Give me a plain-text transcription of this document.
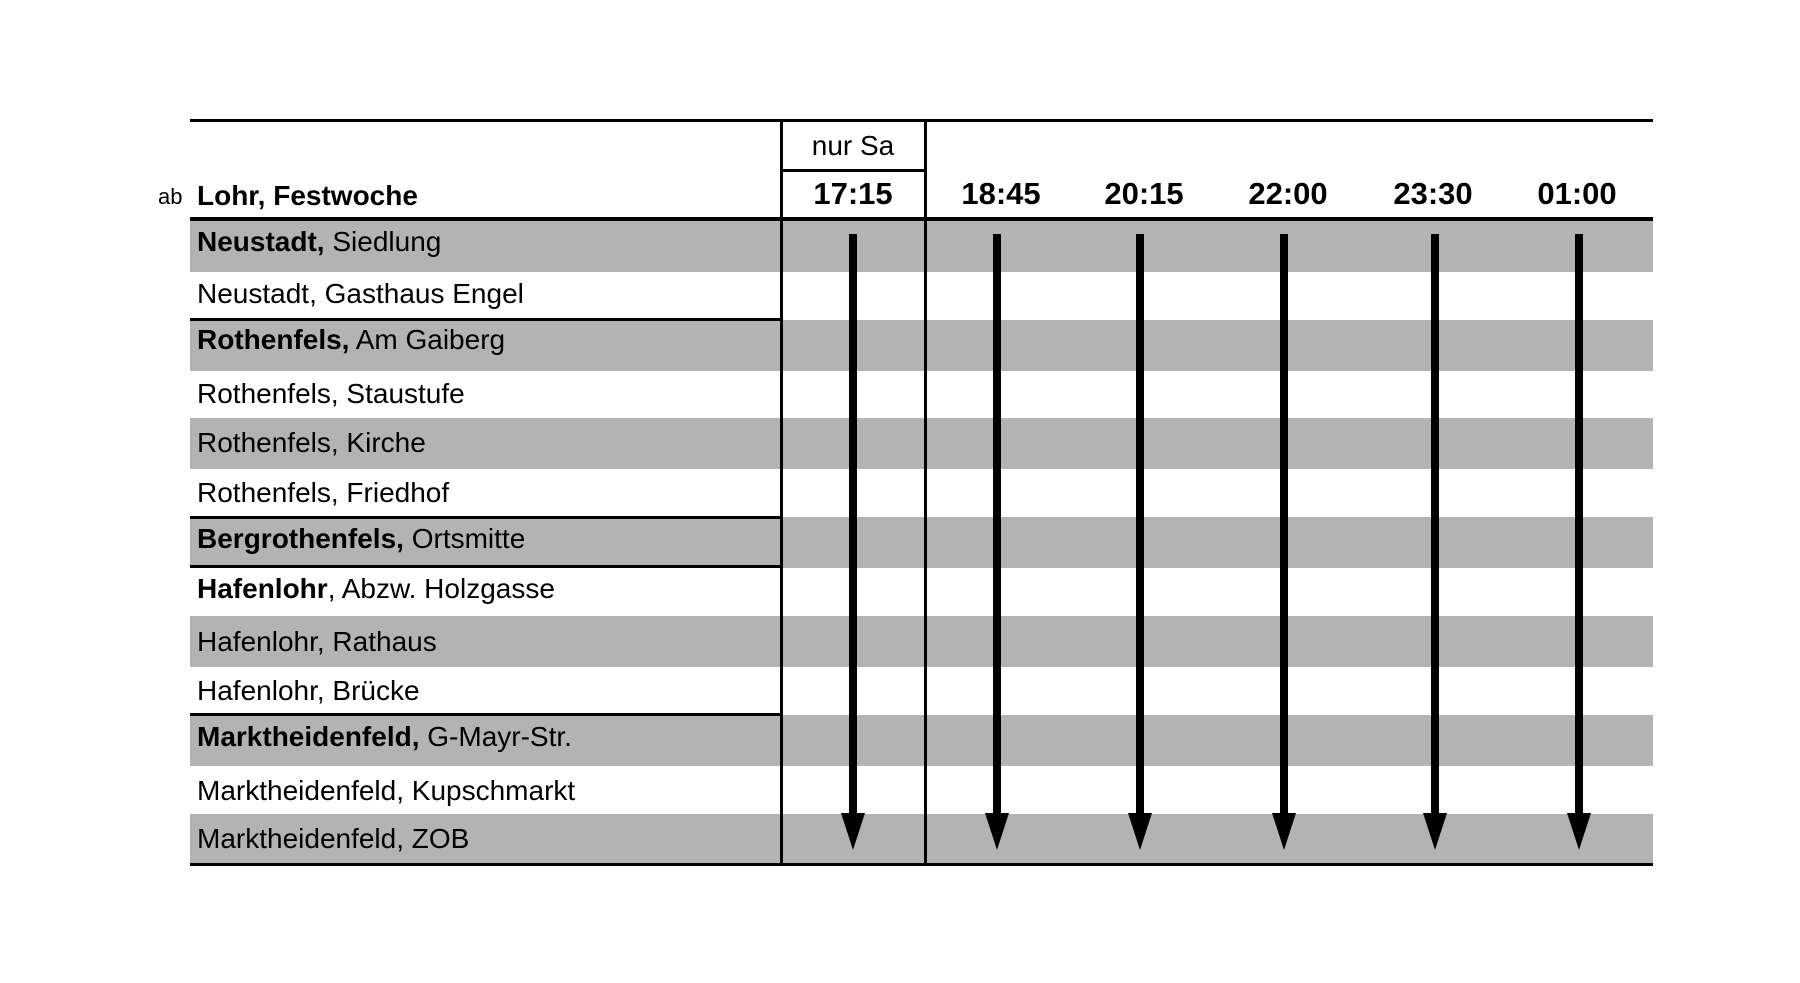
nur Sa
ab Lohr, Festwoche	17:15	18:45	20:15	22:00	23:30	01:00
Neustadt, Siedlung
Neustadt, Gasthaus Engel
Rothenfels, Am Gaiberg
Rothenfels, Staustufe
Rothenfels, Kirche
Rothenfels, Friedhof
Bergrothenfels, Ortsmitte
Hafenlohr, Abzw. Holzgasse
Hafenlohr, Rathaus
Hafenlohr, Brücke
Marktheidenfeld, G-Mayr-Str.
Marktheidenfeld, Kupschmarkt
Marktheidenfeld, ZOB
